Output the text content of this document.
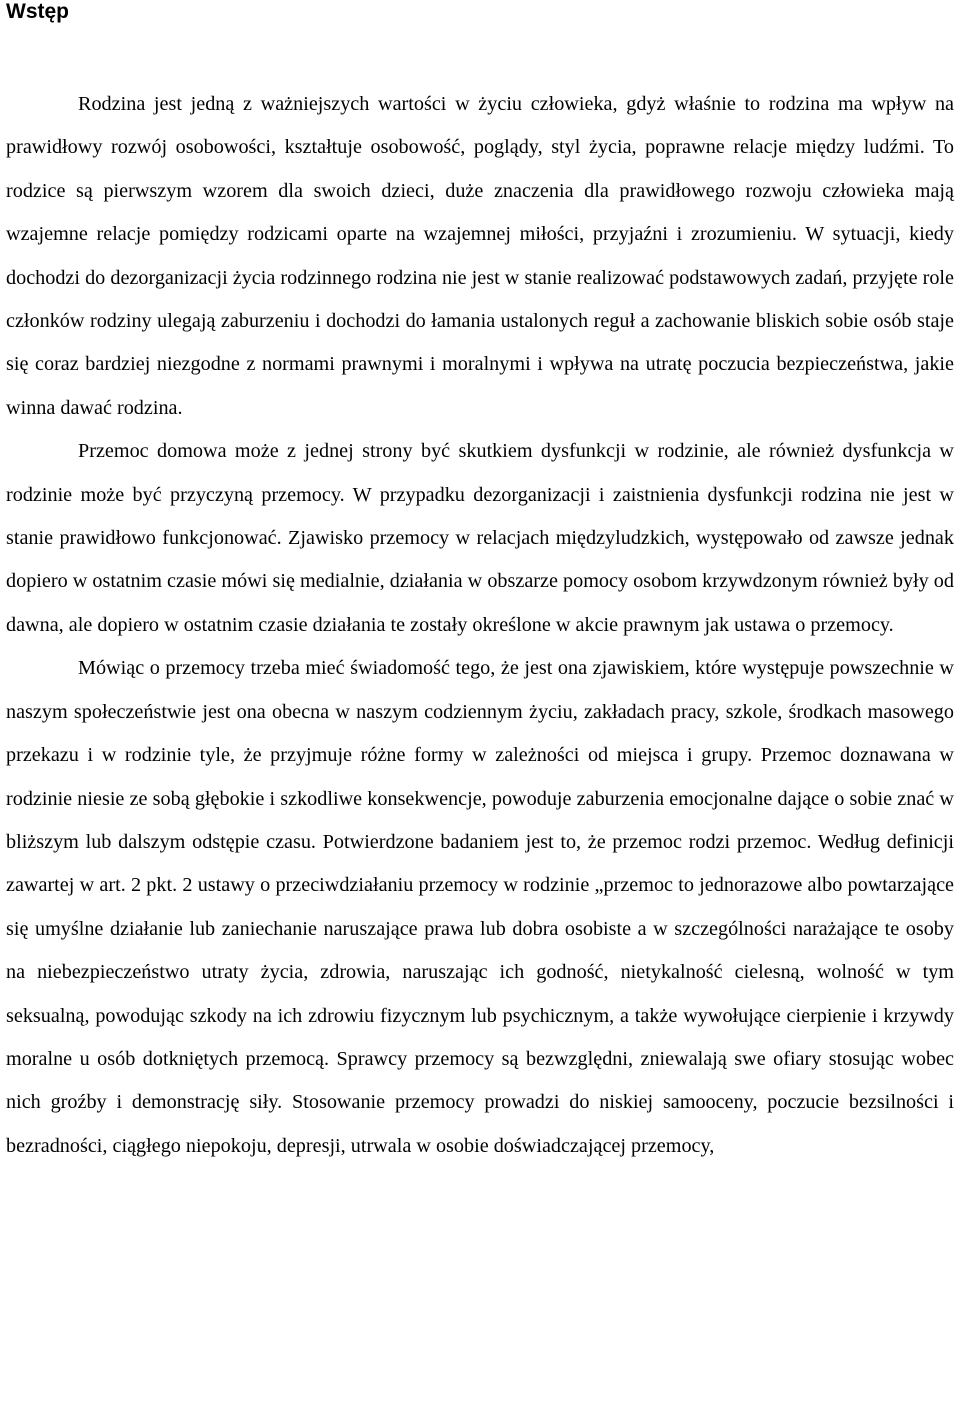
Wstęp

Rodzina jest jedną z ważniejszych wartości w życiu człowieka, gdyż właśnie to rodzina ma wpływ na prawidłowy rozwój osobowości, kształtuje osobowość, poglądy, styl życia, poprawne relacje między ludźmi. To rodzice są pierwszym wzorem dla swoich dzieci, duże znaczenia dla prawidłowego rozwoju człowieka mają wzajemne relacje pomiędzy rodzicami oparte na wzajemnej miłości, przyjaźni i zrozumieniu. W sytuacji, kiedy dochodzi do dezorganizacji życia rodzinnego rodzina nie jest w stanie realizować podstawowych zadań, przyjęte role członków rodziny ulegają zaburzeniu i dochodzi do łamania ustalonych reguł a zachowanie bliskich sobie osób staje się coraz bardziej niezgodne z normami prawnymi i moralnymi i wpływa na utratę poczucia bezpieczeństwa, jakie winna dawać rodzina.

Przemoc domowa może z jednej strony być skutkiem dysfunkcji w rodzinie, ale również dysfunkcja w rodzinie może być przyczyną przemocy. W przypadku dezorganizacji i zaistnienia dysfunkcji rodzina nie jest w stanie prawidłowo funkcjonować. Zjawisko przemocy w relacjach międzyludzkich, występowało od zawsze jednak dopiero w ostatnim czasie mówi się medialnie, działania w obszarze pomocy osobom krzywdzonym również były od dawna, ale dopiero w ostatnim czasie działania te zostały określone w akcie prawnym jak ustawa o przemocy.

Mówiąc o przemocy trzeba mieć świadomość tego, że jest ona zjawiskiem, które występuje powszechnie w naszym społeczeństwie jest ona obecna w naszym codziennym życiu, zakładach pracy, szkole, środkach masowego przekazu i w rodzinie tyle, że przyjmuje różne formy w zależności od miejsca i grupy. Przemoc doznawana w rodzinie niesie ze sobą głębokie i szkodliwe konsekwencje, powoduje zaburzenia emocjonalne dające o sobie znać w bliższym lub dalszym odstępie czasu. Potwierdzone badaniem jest to, że przemoc rodzi przemoc. Według definicji zawartej w art. 2 pkt. 2 ustawy o przeciwdziałaniu przemocy w rodzinie „przemoc to jednorazowe albo powtarzające się umyślne działanie lub zaniechanie naruszające prawa lub dobra osobiste a w szczególności narażające te osoby na niebezpieczeństwo utraty życia, zdrowia, naruszając ich godność, nietykalność cielesną, wolność w tym seksualną, powodując szkody na ich zdrowiu fizycznym lub psychicznym, a także wywołujące cierpienie i krzywdy moralne u osób dotkniętych przemocą. Sprawcy przemocy są bezwzględni, zniewalają swe ofiary stosując wobec nich groźby i demonstrację siły. Stosowanie przemocy prowadzi do niskiej samooceny, poczucie bezsilności i bezradności, ciągłego niepokoju, depresji, utrwala w osobie doświadczającej przemocy,
